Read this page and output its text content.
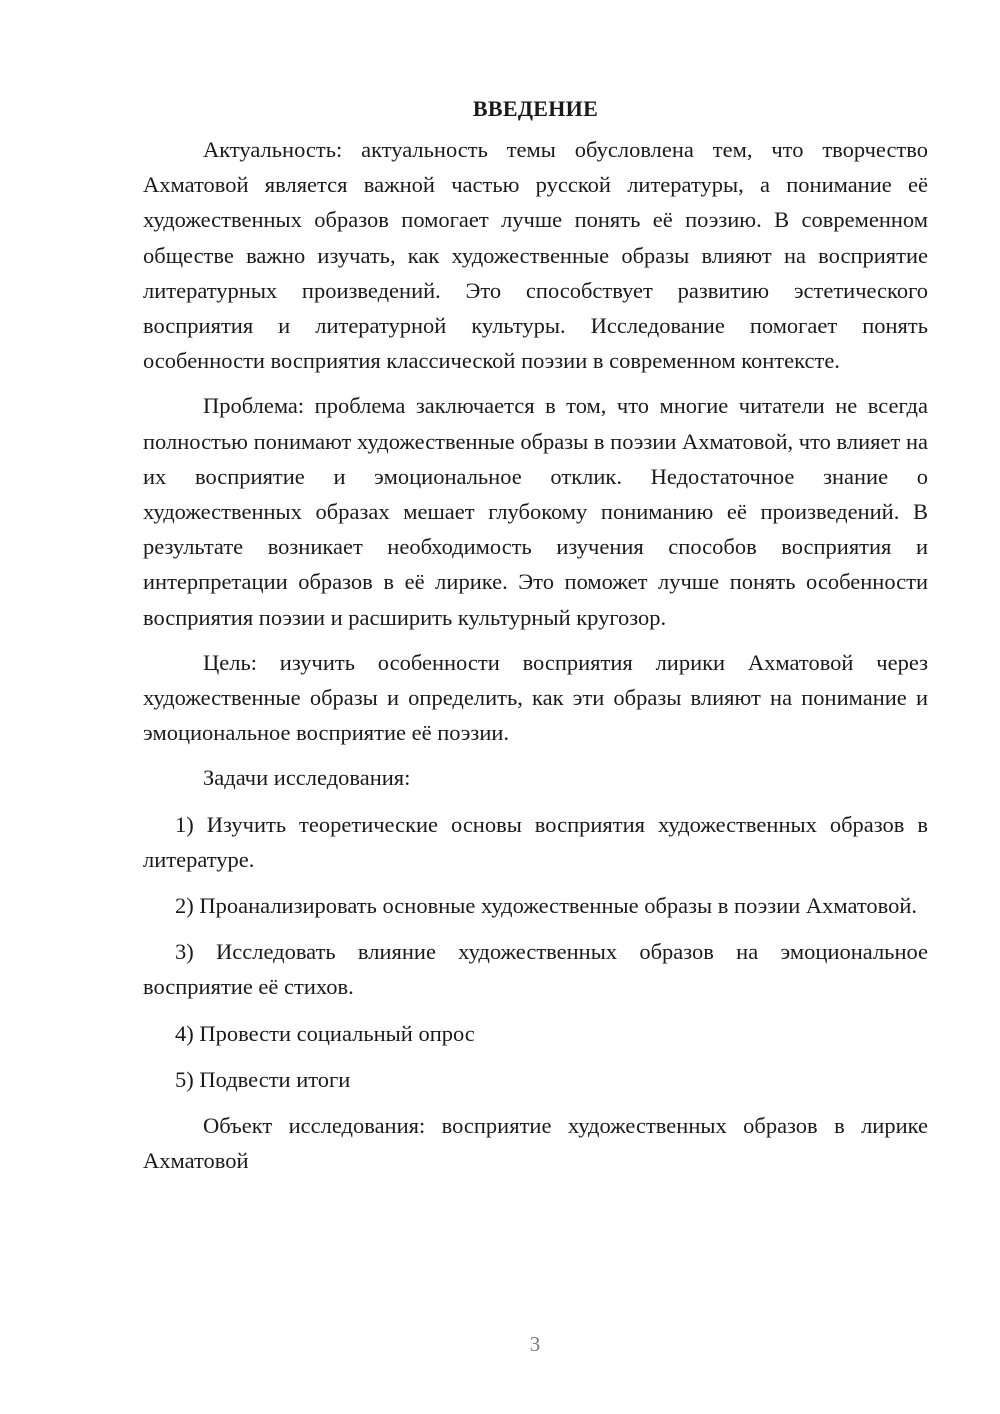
ВВЕДЕНИЕ

Актуальность: актуальность темы обусловлена тем, что творчество Ахматовой является важной частью русской литературы, а понимание её художественных образов помогает лучше понять её поэзию. В современном обществе важно изучать, как художественные образы влияют на восприятие литературных произведений. Это способствует развитию эстетического восприятия и литературной культуры. Исследование помогает понять особенности восприятия классической поэзии в современном контексте.

Проблема: проблема заключается в том, что многие читатели не всегда полностью понимают художественные образы в поэзии Ахматовой, что влияет на их восприятие и эмоциональное отклик. Недостаточное знание о художественных образах мешает глубокому пониманию её произведений. В результате возникает необходимость изучения способов восприятия и интерпретации образов в её лирике. Это поможет лучше понять особенности восприятия поэзии и расширить культурный кругозор.

Цель: изучить особенности восприятия лирики Ахматовой через художественные образы и определить, как эти образы влияют на понимание и эмоциональное восприятие её поэзии.

Задачи исследования:

1) Изучить теоретические основы восприятия художественных образов в литературе.

2) Проанализировать основные художественные образы в поэзии Ахматовой.

3) Исследовать влияние художественных образов на эмоциональное восприятие её стихов.

4) Провести социальный опрос

5) Подвести итоги

Объект исследования: восприятие художественных образов в лирике Ахматовой

3
